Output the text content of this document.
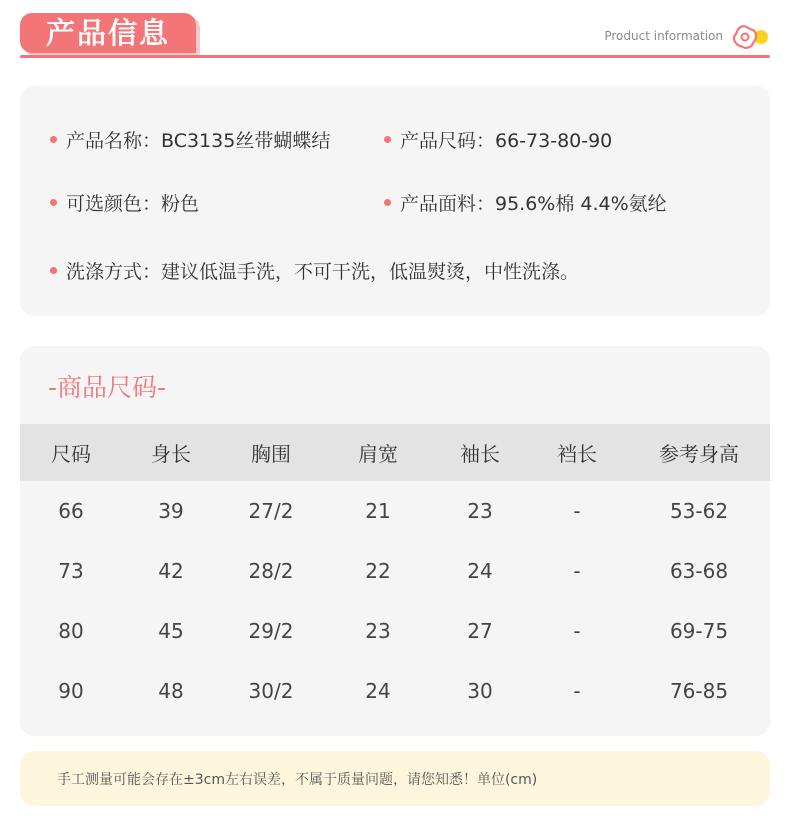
产品信息	Product information
产品名称：BC3135丝带蝴蝶结	产品尺码：66-73-80-90
可选颜色：粉色	产品面料：95.6%棉 4.4%氨纶
洗涤方式：建议低温手洗，不可干洗，低温熨烫，中性洗涤。
-商品尺码-
尺码	身长	胸围	肩宽	袖长	裆长	参考身高
66	39	27/2	21	23	-	53-62
73	42	28/2	22	24	-	63-68
80	45	29/2	23	27	-	69-75
90	48	30/2	24	30	-	76-85
手工测量可能会存在±3cm左右误差，不属于质量问题，请您知悉！单位(cm)
